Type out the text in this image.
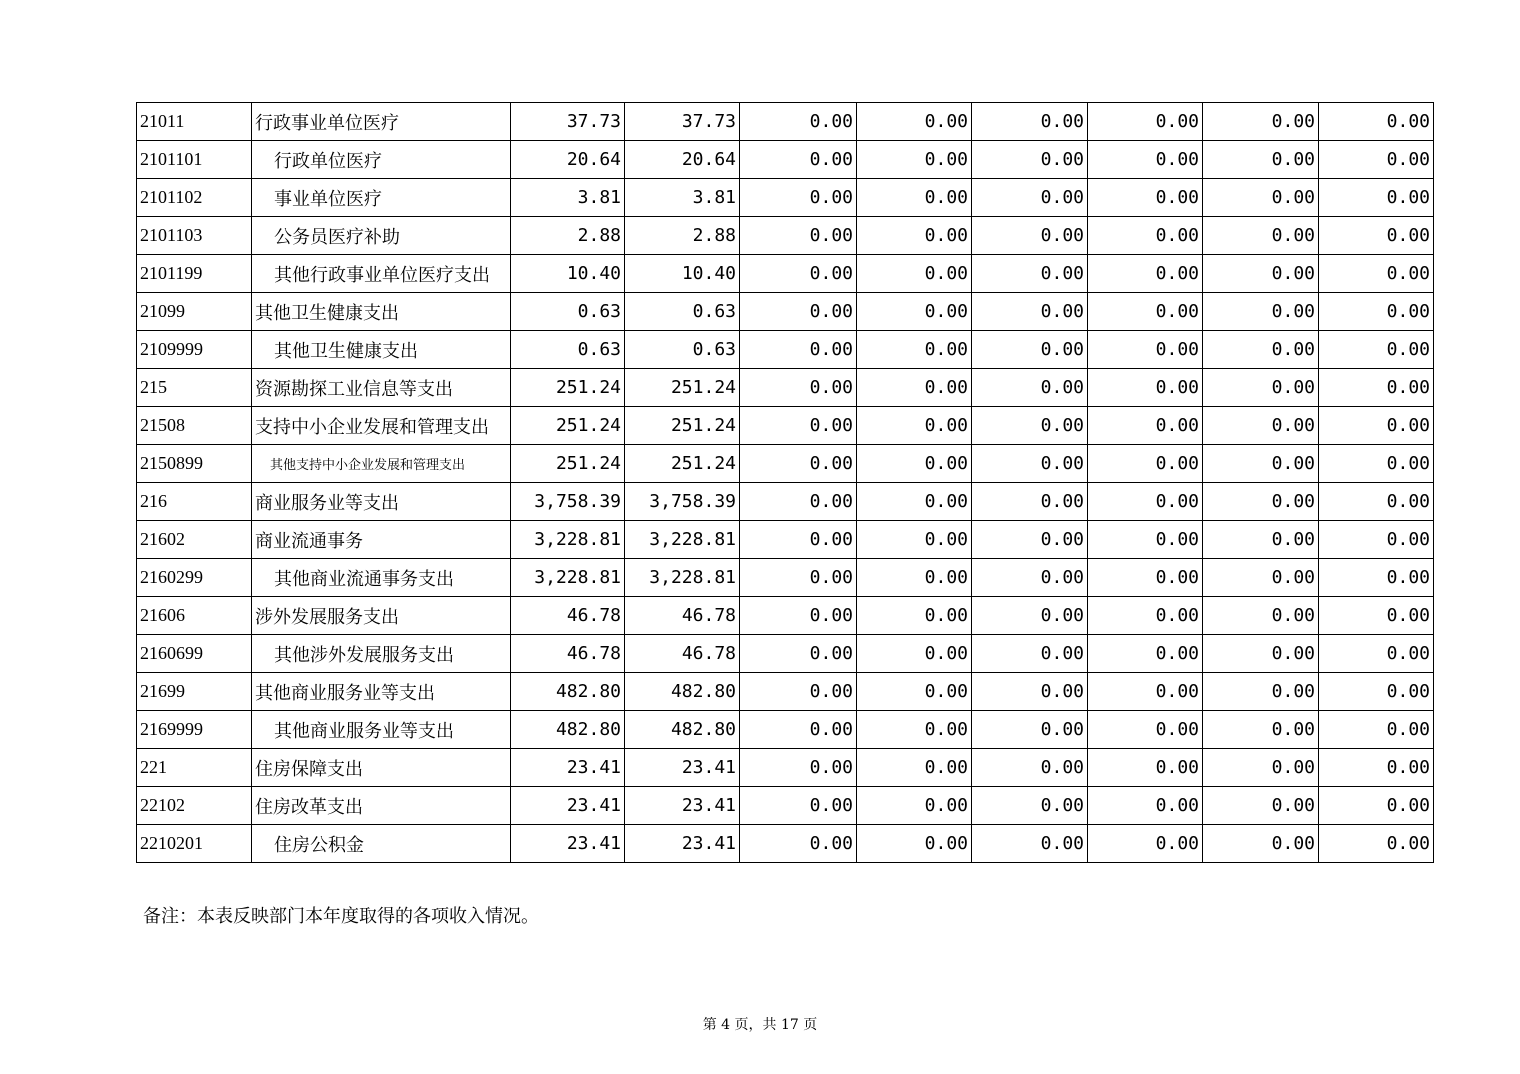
21011	行政事业单位医疗	37.73	37.73	0.00	0.00	0.00	0.00	0.00	0.00
2101101	行政单位医疗	20.64	20.64	0.00	0.00	0.00	0.00	0.00	0.00
2101102	事业单位医疗	3.81	3.81	0.00	0.00	0.00	0.00	0.00	0.00
2101103	公务员医疗补助	2.88	2.88	0.00	0.00	0.00	0.00	0.00	0.00
2101199	其他行政事业单位医疗支出	10.40	10.40	0.00	0.00	0.00	0.00	0.00	0.00
21099	其他卫生健康支出	0.63	0.63	0.00	0.00	0.00	0.00	0.00	0.00
2109999	其他卫生健康支出	0.63	0.63	0.00	0.00	0.00	0.00	0.00	0.00
215	资源勘探工业信息等支出	251.24	251.24	0.00	0.00	0.00	0.00	0.00	0.00
21508	支持中小企业发展和管理支出	251.24	251.24	0.00	0.00	0.00	0.00	0.00	0.00
2150899	其他支持中小企业发展和管理支出	251.24	251.24	0.00	0.00	0.00	0.00	0.00	0.00
216	商业服务业等支出	3,758.39	3,758.39	0.00	0.00	0.00	0.00	0.00	0.00
21602	商业流通事务	3,228.81	3,228.81	0.00	0.00	0.00	0.00	0.00	0.00
2160299	其他商业流通事务支出	3,228.81	3,228.81	0.00	0.00	0.00	0.00	0.00	0.00
21606	涉外发展服务支出	46.78	46.78	0.00	0.00	0.00	0.00	0.00	0.00
2160699	其他涉外发展服务支出	46.78	46.78	0.00	0.00	0.00	0.00	0.00	0.00
21699	其他商业服务业等支出	482.80	482.80	0.00	0.00	0.00	0.00	0.00	0.00
2169999	其他商业服务业等支出	482.80	482.80	0.00	0.00	0.00	0.00	0.00	0.00
221	住房保障支出	23.41	23.41	0.00	0.00	0.00	0.00	0.00	0.00
22102	住房改革支出	23.41	23.41	0.00	0.00	0.00	0.00	0.00	0.00
2210201	住房公积金	23.41	23.41	0.00	0.00	0.00	0.00	0.00	0.00
备注：本表反映部门本年度取得的各项收入情况。
第 4 页，共 17 页
